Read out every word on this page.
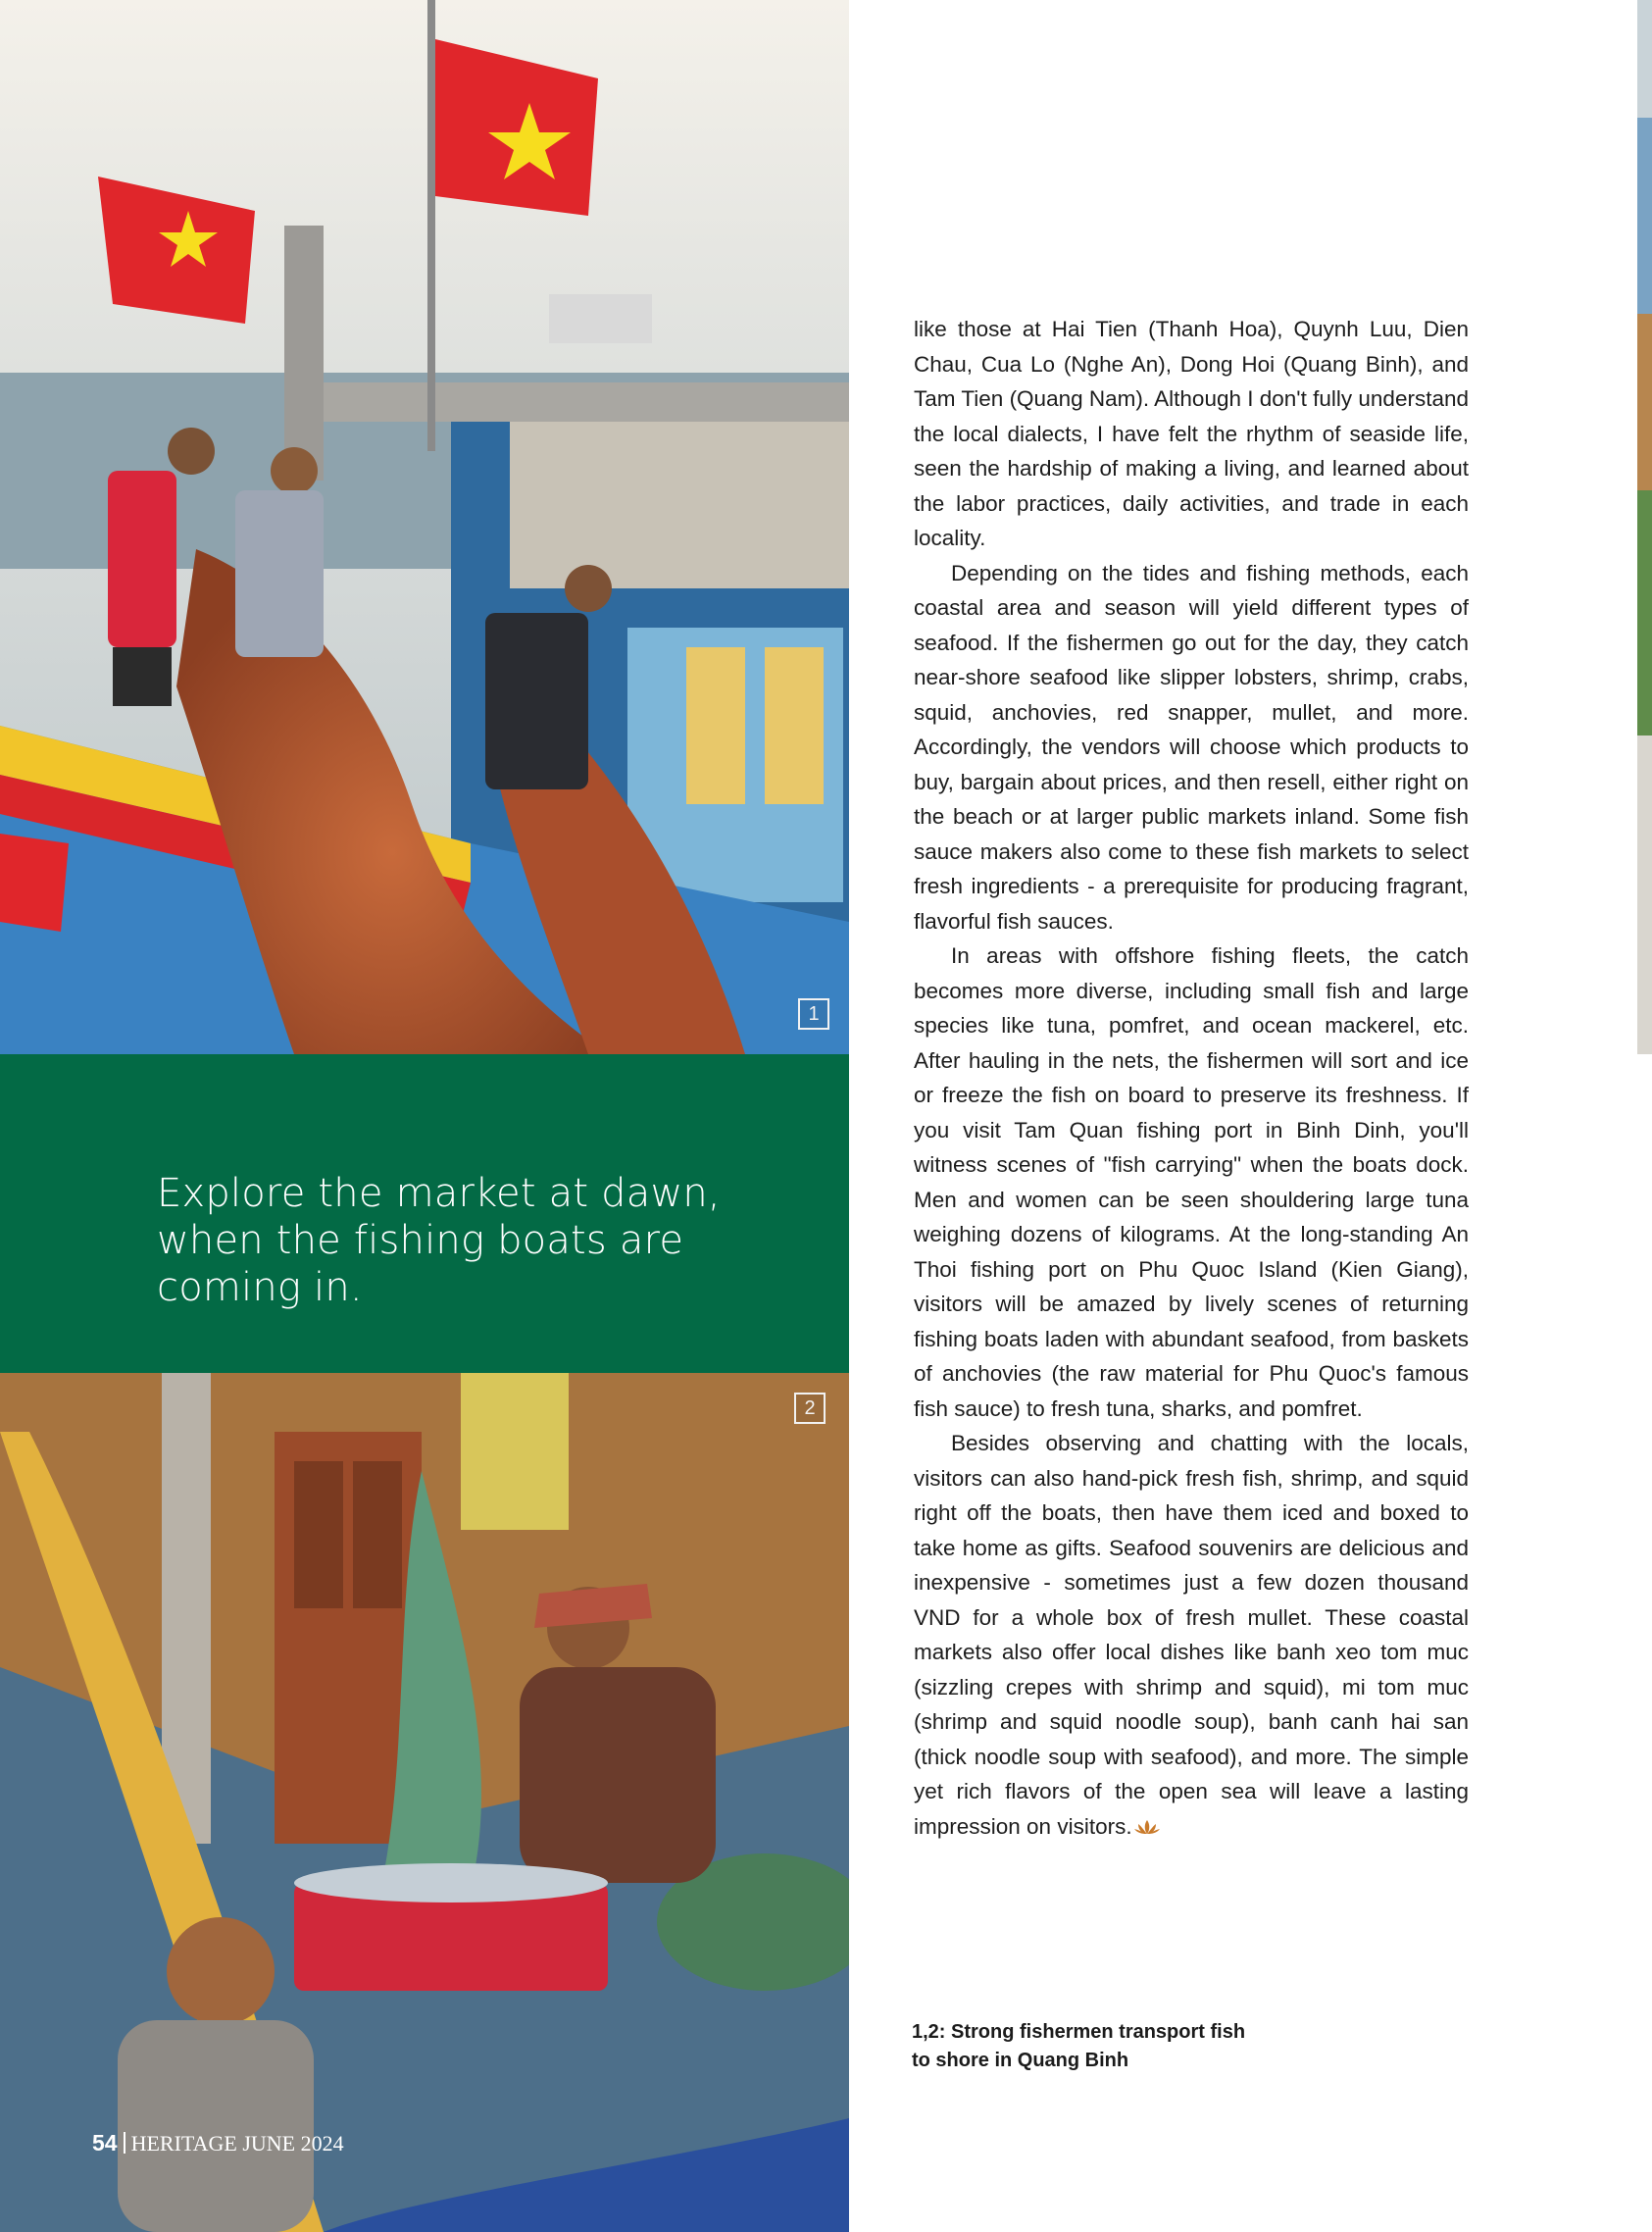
1
Explore the market at dawn, when the fishing boats are coming in.
2
54 HERITAGE JUNE 2024

like those at Hai Tien (Thanh Hoa), Quynh Luu, Dien Chau, Cua Lo (Nghe An), Dong Hoi (Quang Binh), and Tam Tien (Quang Nam). Although I don't fully understand the local dialects, I have felt the rhythm of seaside life, seen the hardship of making a living, and learned about the labor practices, daily activities, and trade in each locality.

Depending on the tides and fishing methods, each coastal area and season will yield different types of seafood. If the fishermen go out for the day, they catch near-shore seafood like slipper lobsters, shrimp, crabs, squid, anchovies, red snapper, mullet, and more. Accordingly, the vendors will choose which products to buy, bargain about prices, and then resell, either right on the beach or at larger public markets inland. Some fish sauce makers also come to these fish markets to select fresh ingredients - a prerequisite for producing fragrant, flavorful fish sauces.

In areas with offshore fishing fleets, the catch becomes more diverse, including small fish and large species like tuna, pomfret, and ocean mackerel, etc. After hauling in the nets, the fishermen will sort and ice or freeze the fish on board to preserve its freshness. If you visit Tam Quan fishing port in Binh Dinh, you'll witness scenes of "fish carrying" when the boats dock. Men and women can be seen shouldering large tuna weighing dozens of kilograms. At the long-standing An Thoi fishing port on Phu Quoc Island (Kien Giang), visitors will be amazed by lively scenes of returning fishing boats laden with abundant seafood, from baskets of anchovies (the raw material for Phu Quoc's famous fish sauce) to fresh tuna, sharks, and pomfret.

Besides observing and chatting with the locals, visitors can also hand-pick fresh fish, shrimp, and squid right off the boats, then have them iced and boxed to take home as gifts. Seafood souvenirs are delicious and inexpensive - sometimes just a few dozen thousand VND for a whole box of fresh mullet. These coastal markets also offer local dishes like banh xeo tom muc (sizzling crepes with shrimp and squid), mi tom muc (shrimp and squid noodle soup), banh canh hai san (thick noodle soup with seafood), and more. The simple yet rich flavors of the open sea will leave a lasting impression on visitors.

1,2: Strong fishermen transport fish
to shore in Quang Binh
